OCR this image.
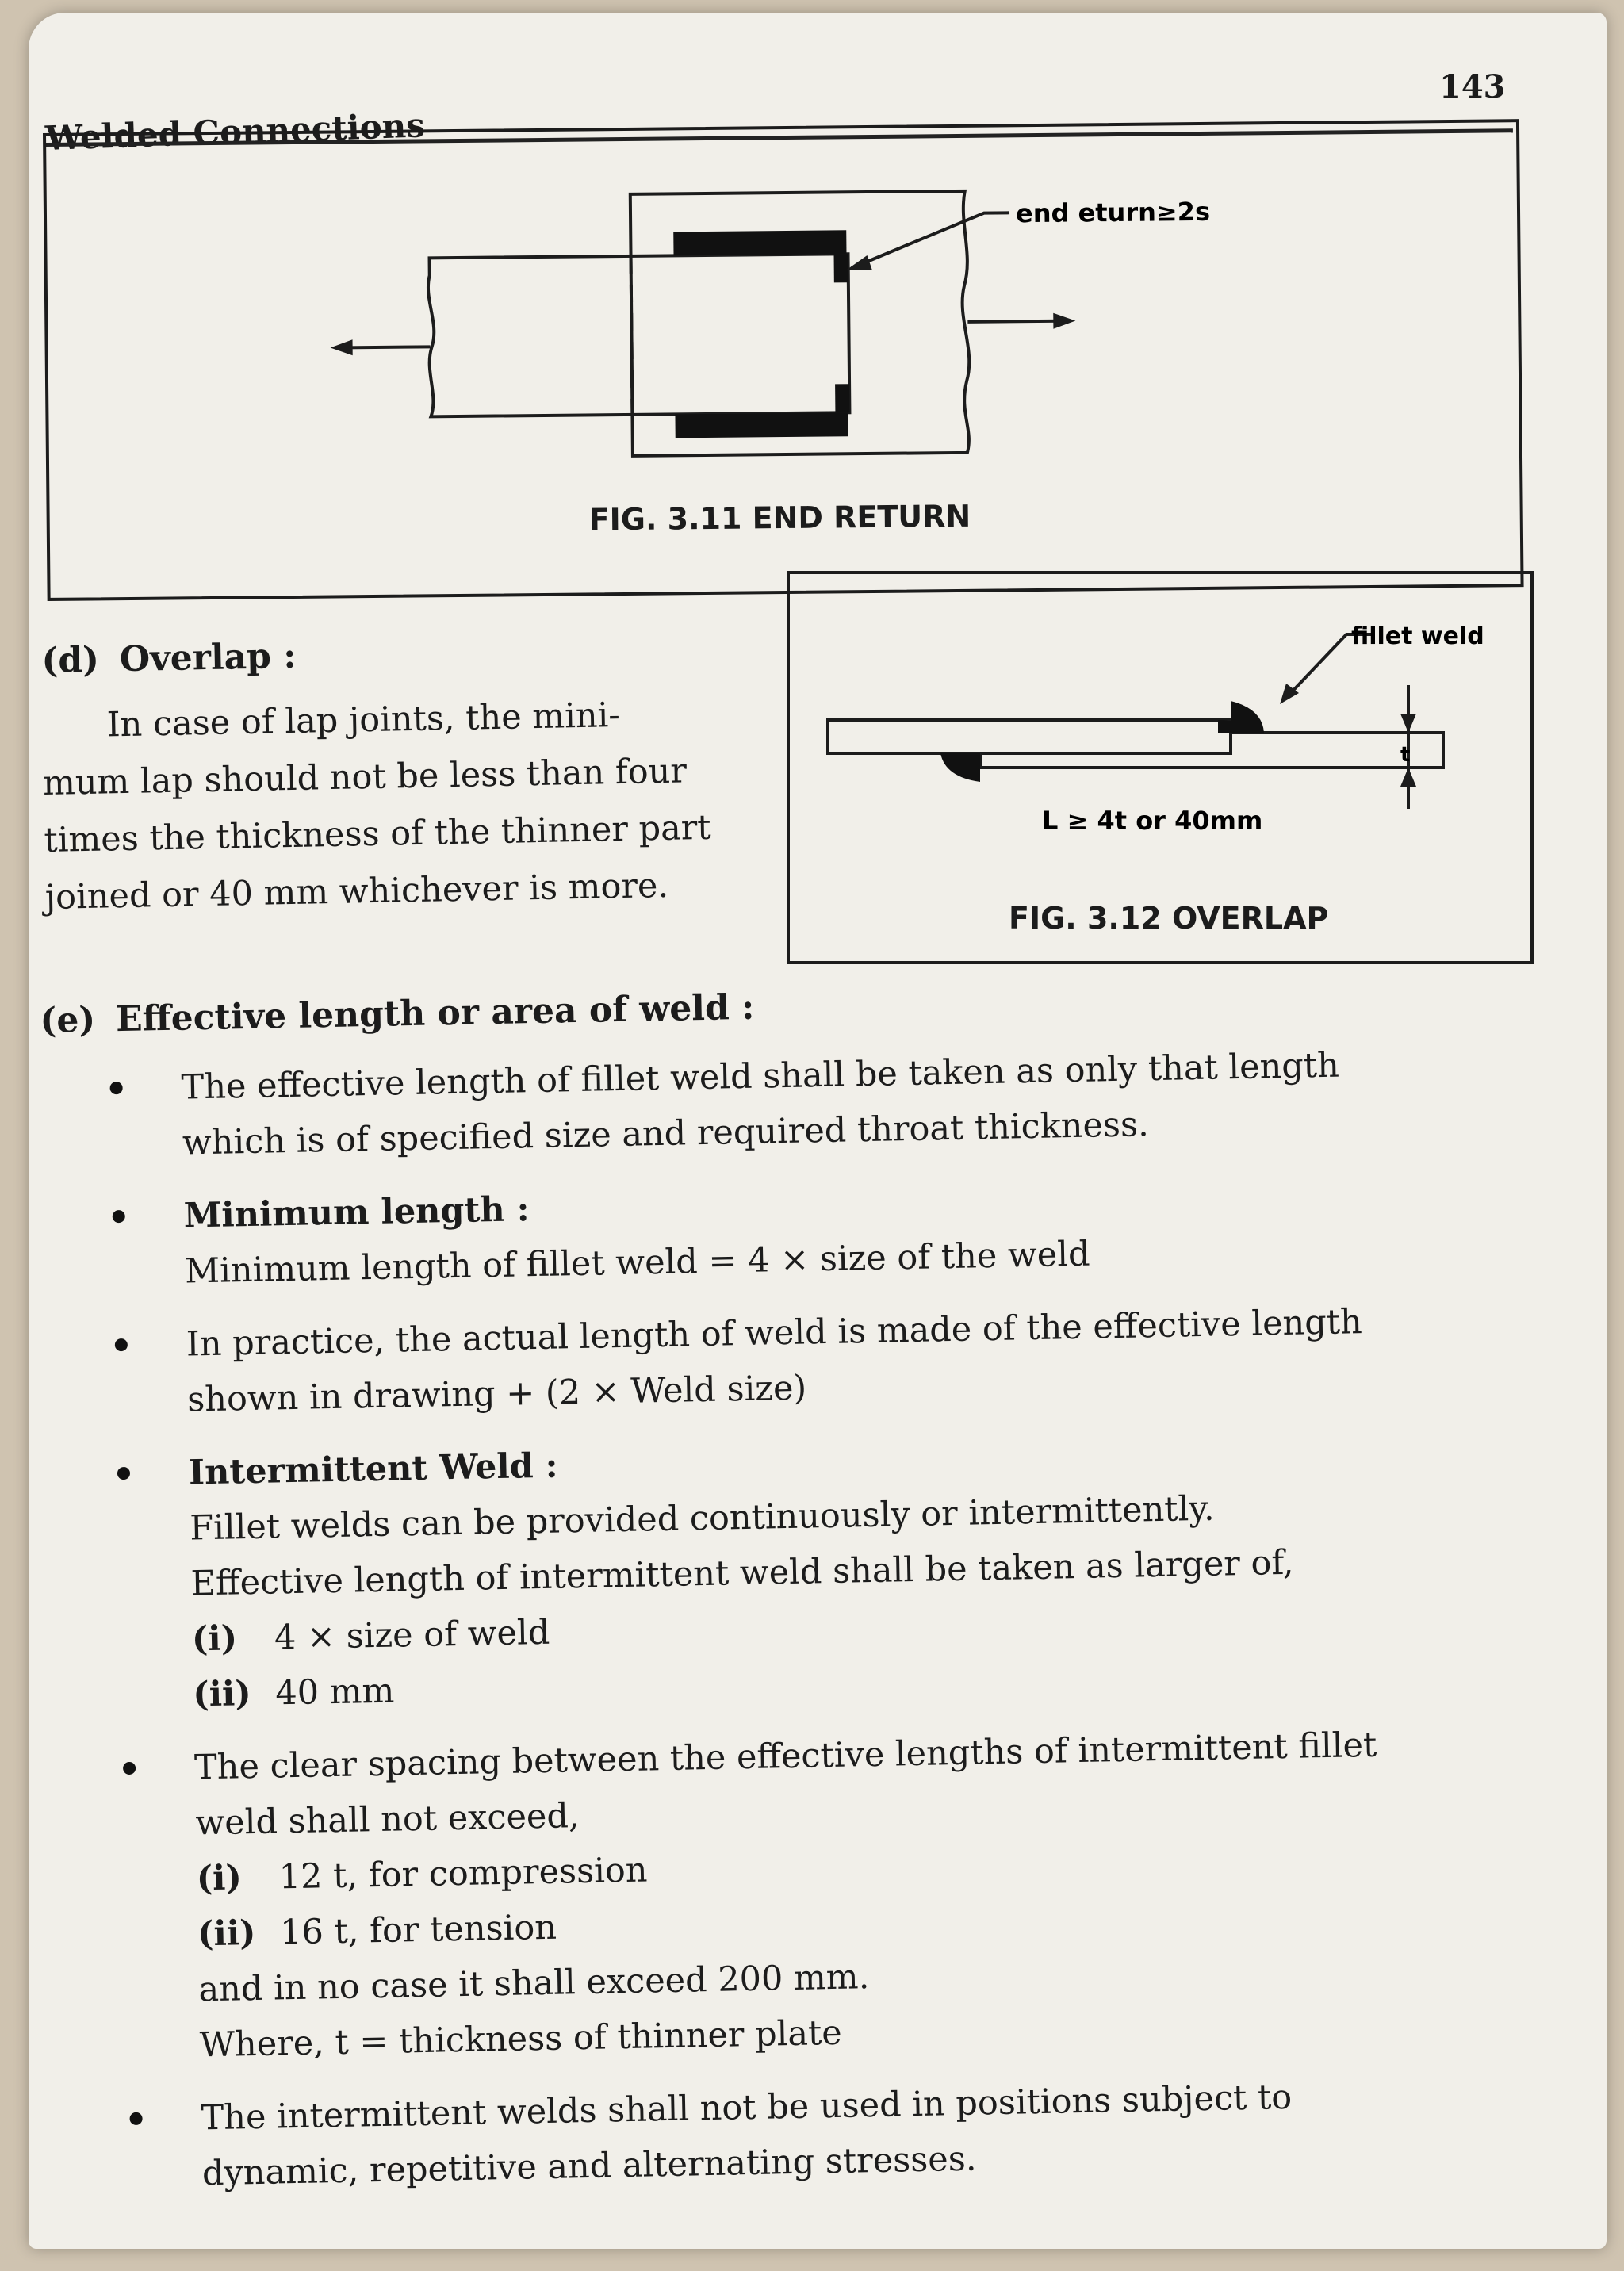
Welded Connections
143
end eturn≥2s
FIG. 3.11 END RETURN
(d) Overlap :
In case of lap joints, the mini-
mum lap should not be less than four
times the thickness of the thinner part
joined or 40 mm whichever is more.
fillet weld
t
L ≥ 4t or 40mm
FIG. 3.12 OVERLAP
(e) Effective length or area of weld :
The effective length of fillet weld shall be taken as only that length
which is of specified size and required throat thickness.
Minimum length :
Minimum length of fillet weld = 4 × size of the weld
In practice, the actual length of weld is made of the effective length
shown in drawing + (2 × Weld size)
Intermittent Weld :
Fillet welds can be provided continuously or intermittently.
Effective length of intermittent weld shall be taken as larger of,
(i) 4 × size of weld
(ii) 40 mm
The clear spacing between the effective lengths of intermittent fillet
weld shall not exceed,
(i) 12 t, for compression
(ii) 16 t, for tension
and in no case it shall exceed 200 mm.
Where, t = thickness of thinner plate
The intermittent welds shall not be used in positions subject to
dynamic, repetitive and alternating stresses.
